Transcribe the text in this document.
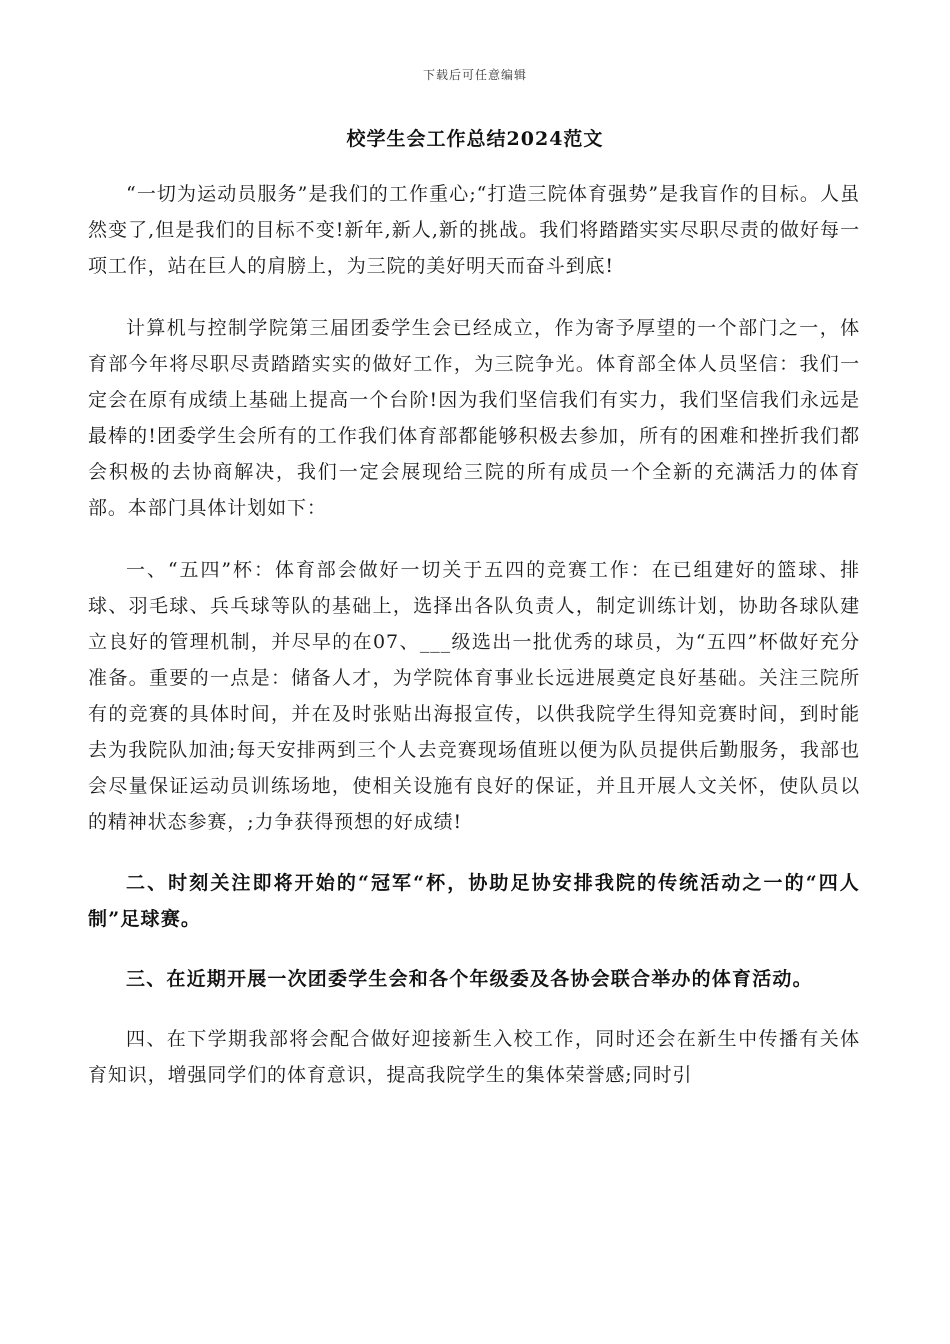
下载后可任意编辑
校学生会工作总结2024范文

“一切为运动员服务”是我们的工作重心;“打造三院体育强势”是我盲作的目标。人虽然变了,但是我们的目标不变!新年,新人,新的挑战。我们将踏踏实实尽职尽责的做好每一项工作，站在巨人的肩膀上，为三院的美好明天而奋斗到底!

计算机与控制学院第三届团委学生会已经成立，作为寄予厚望的一个部门之一，体育部今年将尽职尽责踏踏实实的做好工作，为三院争光。体育部全体人员坚信：我们一定会在原有成绩上基础上提高一个台阶!因为我们坚信我们有实力，我们坚信我们永远是最棒的!团委学生会所有的工作我们体育部都能够积极去参加，所有的困难和挫折我们都会积极的去协商解决，我们一定会展现给三院的所有成员一个全新的充满活力的体育部。本部门具体计划如下：

一、“五四”杯：体育部会做好一切关于五四的竞赛工作：在已组建好的篮球、排球、羽毛球、兵乓球等队的基础上，选择出各队负责人，制定训练计划，协助各球队建立良好的管理机制，并尽早的在07、___级选出一批优秀的球员，为“五四”杯做好充分准备。重要的一点是：储备人才，为学院体育事业长远进展奠定良好基础。关注三院所有的竞赛的具体时间，并在及时张贴出海报宣传，以供我院学生得知竞赛时间，到时能去为我院队加油;每天安排两到三个人去竞赛现场值班以便为队员提供后勤服务，我部也会尽量保证运动员训练场地，使相关设施有良好的保证，并且开展人文关怀，使队员以的精神状态参赛，;力争获得预想的好成绩!

二、时刻关注即将开始的“冠军“杯，协助足协安排我院的传统活动之一的“四人制”足球赛。

三、在近期开展一次团委学生会和各个年级委及各协会联合举办的体育活动。

四、在下学期我部将会配合做好迎接新生入校工作，同时还会在新生中传播有关体育知识，增强同学们的体育意识，提高我院学生的集体荣誉感;同时引
